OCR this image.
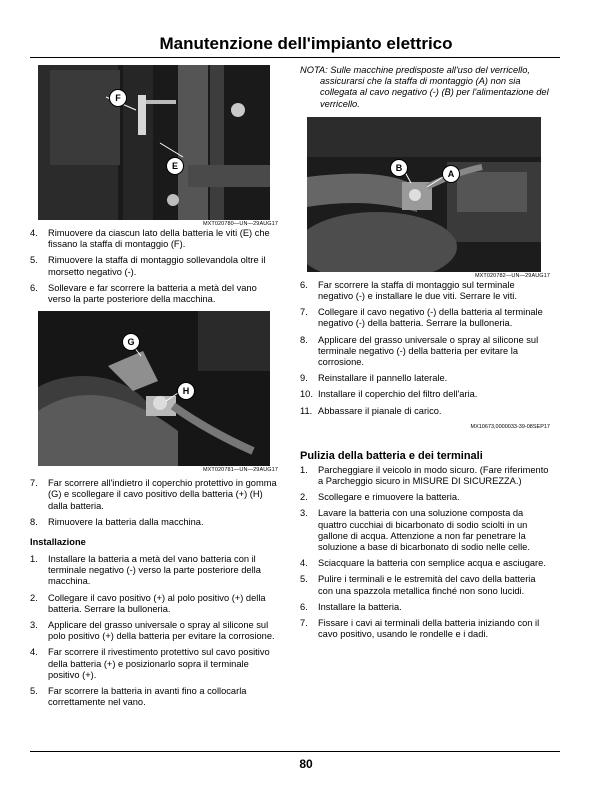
Manutenzione dell'impianto elettrico
F
E
MXT020780—UN—29AUG17
4. Rimuovere da ciascun lato della batteria le viti (E) che fissano la staffa di montaggio (F).
5. Rimuovere la staffa di montaggio sollevandola oltre il morsetto negativo (-).
6. Sollevare e far scorrere la batteria a metà del vano verso la parte posteriore della macchina.
G
H
MXT020781—UN—29AUG17
7. Far scorrere all'indietro il coperchio protettivo in gomma (G) e scollegare il cavo positivo della batteria (+) (H) dalla batteria.
8. Rimuovere la batteria dalla macchina.
Installazione
1. Installare la batteria a metà del vano batteria con il terminale negativo (-) verso la parte posteriore della macchina.
2. Collegare il cavo positivo (+) al polo positivo (+) della batteria. Serrare la bulloneria.
3. Applicare del grasso universale o spray al silicone sul polo positivo (+) della batteria per evitare la corrosione.
4. Far scorrere il rivestimento protettivo sul cavo positivo della batteria (+) e posizionarlo sopra il terminale positivo (+).
5. Far scorrere la batteria in avanti fino a collocarla correttamente nel vano.
NOTA: Sulle macchine predisposte all'uso del verricello,
assicurarsi che la staffa di montaggio (A) non sia collegata al cavo negativo (-) (B) per l'alimentazione del verricello.
B
A
MXT020782—UN—29AUG17
6. Far scorrere la staffa di montaggio sul terminale negativo (-) e installare le due viti. Serrare le viti.
7. Collegare il cavo negativo (-) della batteria al terminale negativo (-) della batteria. Serrare la bulloneria.
8. Applicare del grasso universale o spray al silicone sul terminale negativo (-) della batteria per evitare la corrosione.
9. Reinstallare il pannello laterale.
10. Installare il coperchio del filtro dell'aria.
11. Abbassare il pianale di carico.
MX10673,0000033-39-08SEP17
Pulizia della batteria e dei terminali
1. Parcheggiare il veicolo in modo sicuro. (Fare riferimento a Parcheggio sicuro in MISURE DI SICUREZZA.)
2. Scollegare e rimuovere la batteria.
3. Lavare la batteria con una soluzione composta da quattro cucchiai di bicarbonato di sodio sciolti in un gallone di acqua. Attenzione a non far penetrare la soluzione a base di bicarbonato di sodio nelle celle.
4. Sciacquare la batteria con semplice acqua e asciugare.
5. Pulire i terminali e le estremità del cavo della batteria con una spazzola metallica finché non sono lucidi.
6. Installare la batteria.
7. Fissare i cavi ai terminali della batteria iniziando con il cavo positivo, usando le rondelle e i dadi.
80
